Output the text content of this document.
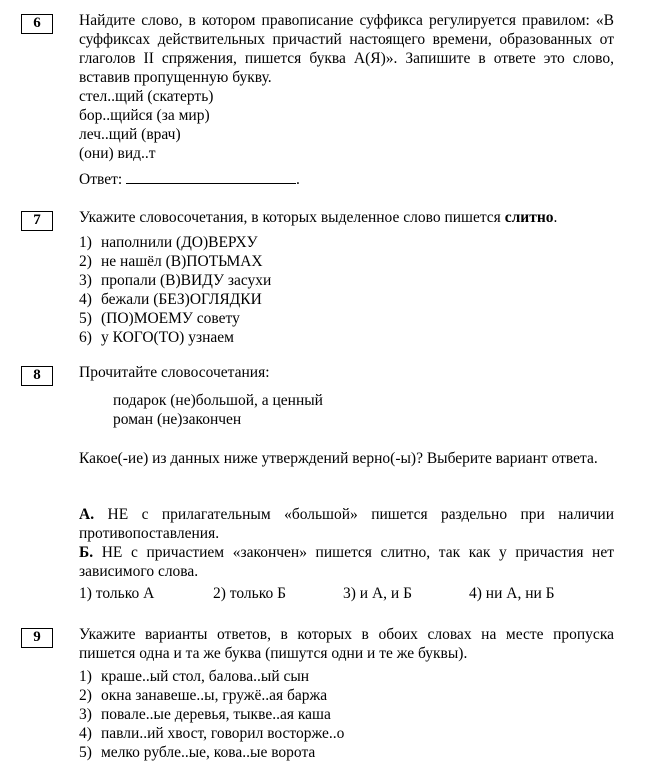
6	Найдите слово, в котором правописание суффикса регулируется правилом: «В суффиксах действительных причастий настоящего времени, образованных от глаголов II спряжения, пишется буква А(Я)». Запишите в ответе это слово, вставив пропущенную букву.
стел..щий (скатерть)
бор..щийся (за мир)
леч..щий (врач)
(они) вид..т
Ответ:	.
7	Укажите словосочетания, в которых выделенное слово пишется слитно.
1) наполнили (ДО)ВЕРХУ
2) не нашёл (В)ПОТЬМАХ
3) пропали (В)ВИДУ засухи
4) бежали (БЕЗ)ОГЛЯДКИ
5) (ПО)МОЕМУ совету
6) у КОГО(ТО) узнаем
8	Прочитайте словосочетания:
подарок (не)большой, а ценный
роман (не)закончен
Какое(-ие) из данных ниже утверждений верно(-ы)? Выберите вариант ответа.
А. НЕ с прилагательным «большой» пишется раздельно при наличии противопоставления.
Б. НЕ с причастием «закончен» пишется слитно, так как у причастия нет зависимого слова.
1) только А	2) только Б	3) и А, и Б	4) ни А, ни Б
9	Укажите варианты ответов, в которых в обоих словах на месте пропуска пишется одна и та же буква (пишутся одни и те же буквы).
1) краше..ый стол, балова..ый сын
2) окна занавеше..ы, гружё..ая баржа
3) повале..ые деревья, тыкве..ая каша
4) павли..ий хвост, говорил восторже..о
5) мелко рубле..ые, кова..ые ворота
